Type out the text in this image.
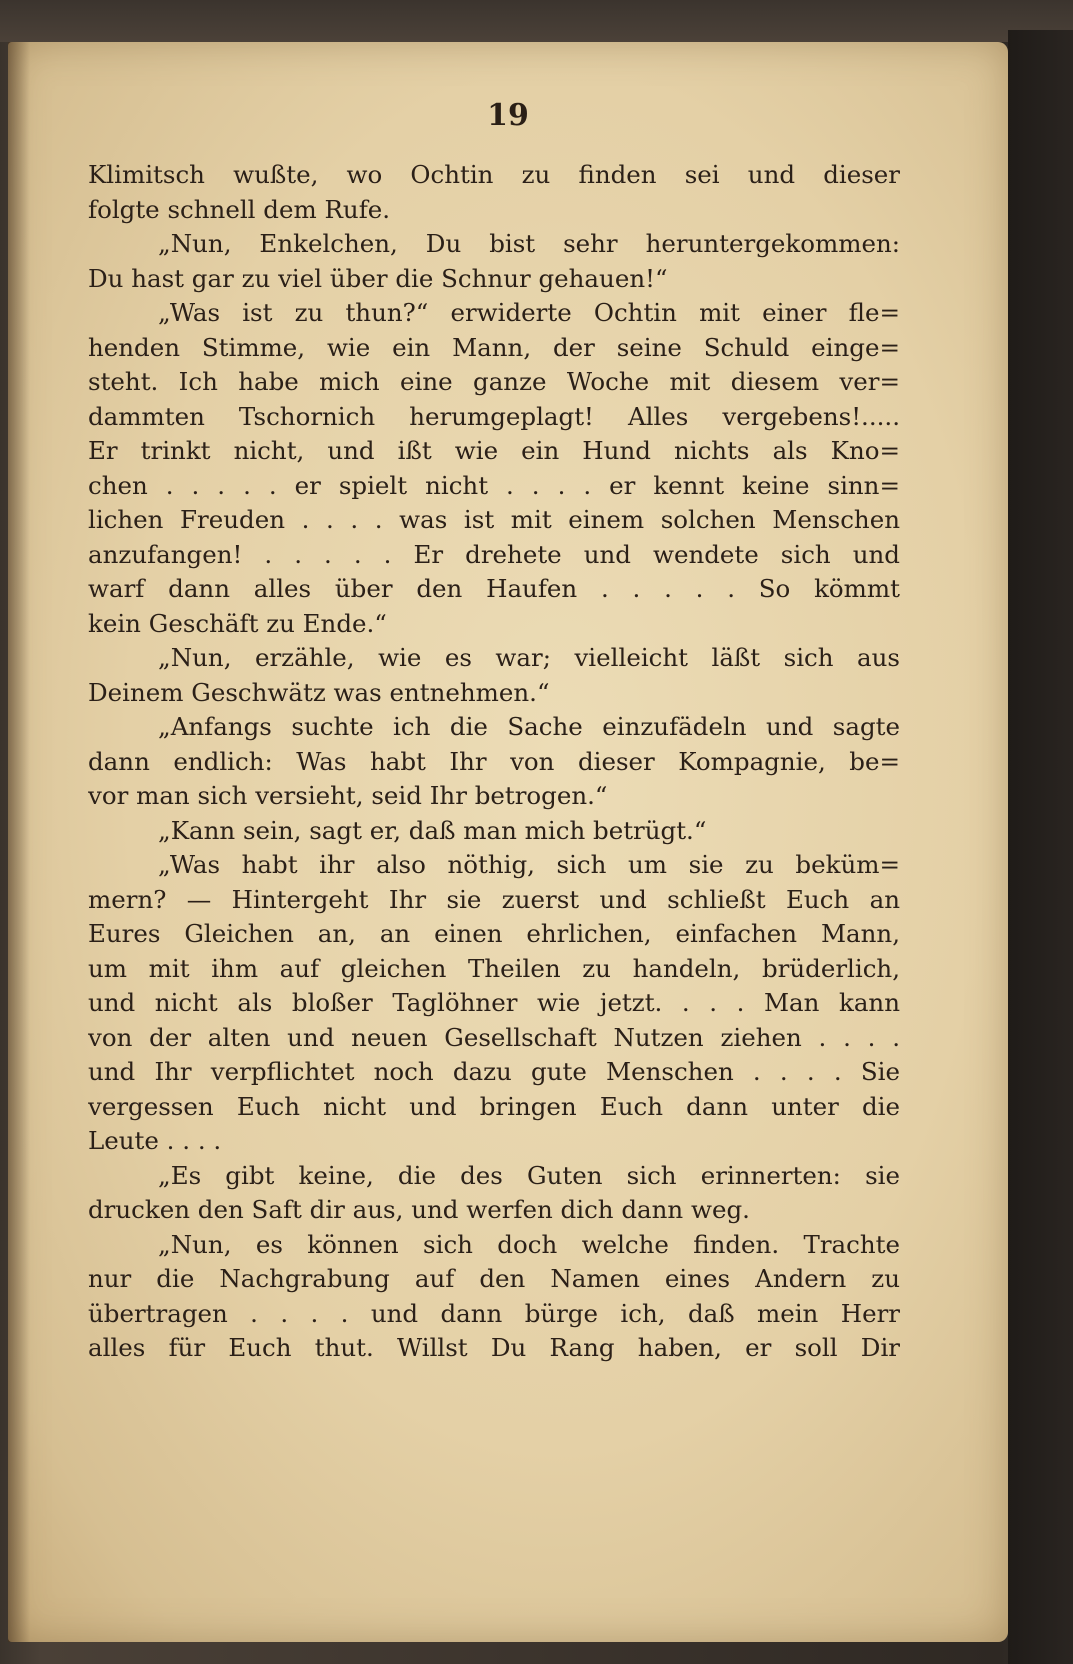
19
Klimitsch wußte, wo Ochtin zu finden sei und dieser
folgte schnell dem Rufe.
„Nun, Enkelchen, Du bist sehr heruntergekommen:
Du hast gar zu viel über die Schnur gehauen!“
„Was ist zu thun?“ erwiderte Ochtin mit einer fle=
henden Stimme, wie ein Mann, der seine Schuld einge=
steht. Ich habe mich eine ganze Woche mit diesem ver=
dammten Tschornich herumgeplagt! Alles vergebens!.....
Er trinkt nicht, und ißt wie ein Hund nichts als Kno=
chen . . . . . er spielt nicht . . . . er kennt keine sinn=
lichen Freuden . . . . was ist mit einem solchen Menschen
anzufangen! . . . . . Er drehete und wendete sich und
warf dann alles über den Haufen . . . . . So kömmt
kein Geschäft zu Ende.“
„Nun, erzähle, wie es war; vielleicht läßt sich aus
Deinem Geschwätz was entnehmen.“
„Anfangs suchte ich die Sache einzufädeln und sagte
dann endlich: Was habt Ihr von dieser Kompagnie, be=
vor man sich versieht, seid Ihr betrogen.“
„Kann sein, sagt er, daß man mich betrügt.“
„Was habt ihr also nöthig, sich um sie zu beküm=
mern? — Hintergeht Ihr sie zuerst und schließt Euch an
Eures Gleichen an, an einen ehrlichen, einfachen Mann,
um mit ihm auf gleichen Theilen zu handeln, brüderlich,
und nicht als bloßer Taglöhner wie jetzt. . . . Man kann
von der alten und neuen Gesellschaft Nutzen ziehen . . . .
und Ihr verpflichtet noch dazu gute Menschen . . . . Sie
vergessen Euch nicht und bringen Euch dann unter die
Leute . . . .
„Es gibt keine, die des Guten sich erinnerten: sie
drucken den Saft dir aus, und werfen dich dann weg.
„Nun, es können sich doch welche finden. Trachte
nur die Nachgrabung auf den Namen eines Andern zu
übertragen . . . . und dann bürge ich, daß mein Herr
alles für Euch thut. Willst Du Rang haben, er soll Dir
